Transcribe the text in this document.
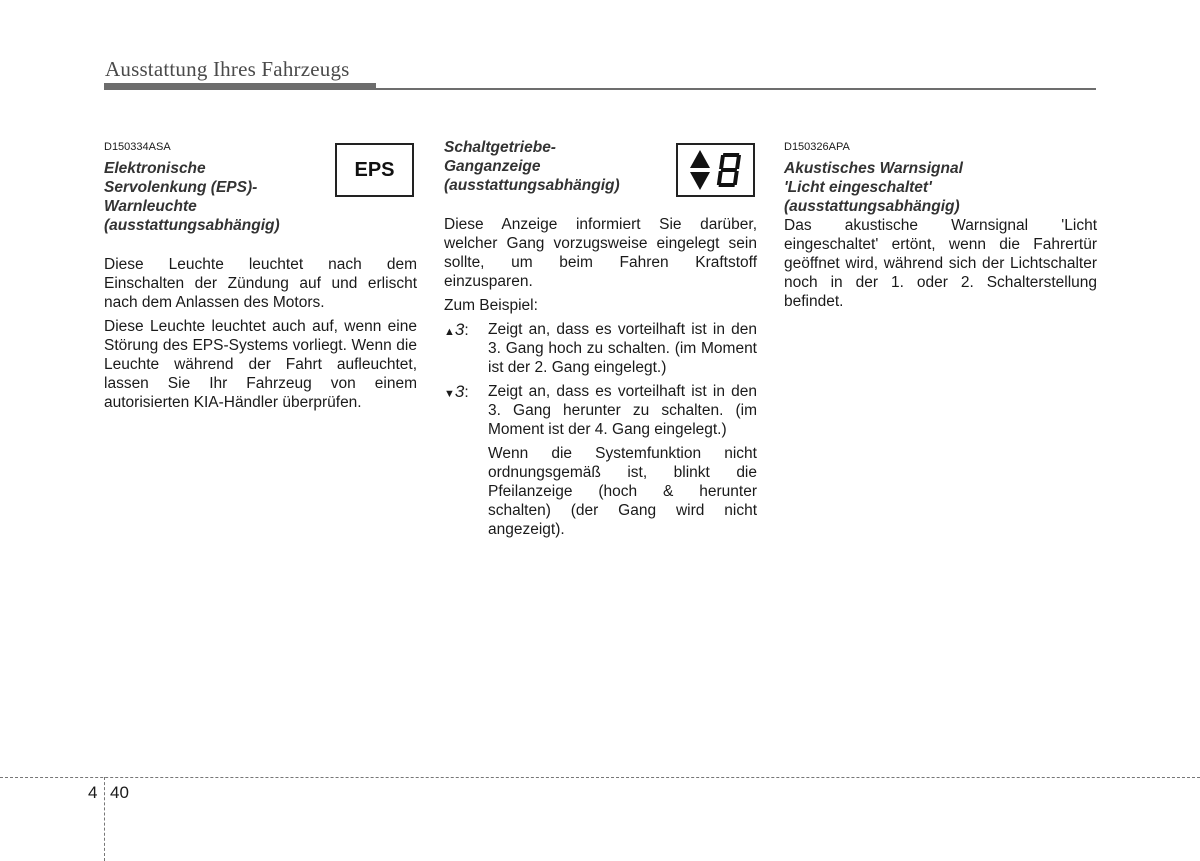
Ausstattung Ihres Fahrzeugs
D150334ASA
Elektronische
Servolenkung (EPS)-
Warnleuchte
(ausstattungsabhängig)

Diese Leuchte leuchtet nach dem Einschalten der Zündung auf und erlischt nach dem Anlassen des Motors.

Diese Leuchte leuchtet auch auf, wenn eine Störung des EPS-Systems vorliegt. Wenn die Leuchte während der Fahrt aufleuchtet, lassen Sie Ihr Fahrzeug von einem autorisierten KIA-Händler überprüfen.

EPS
Schaltgetriebe-
Ganganzeige
(ausstattungsabhängig)
Diese Anzeige informiert Sie darüber, welcher Gang vorzugsweise eingelegt sein sollte, um beim Fahren Kraftstoff einzusparen.
Zum Beispiel:
▲3:	Zeigt an, dass es vorteilhaft ist in den 3. Gang hoch zu schalten. (im Moment ist der 2. Gang eingelegt.)
▼3:	Zeigt an, dass es vorteilhaft ist in den 3. Gang herunter zu schalten. (im Moment ist der 4. Gang eingelegt.)
Wenn die Systemfunktion nicht ordnungsgemäß ist, blinkt die Pfeilanzeige (hoch & herunter schalten) (der Gang wird nicht angezeigt).
D150326APA
Akustisches Warnsignal
'Licht eingeschaltet'
(ausstattungsabhängig)
Das akustische Warnsignal 'Licht eingeschaltet' ertönt, wenn die Fahrertür geöffnet wird, während sich der Lichtschalter noch in der 1. oder 2. Schalterstellung befindet.
4 40
